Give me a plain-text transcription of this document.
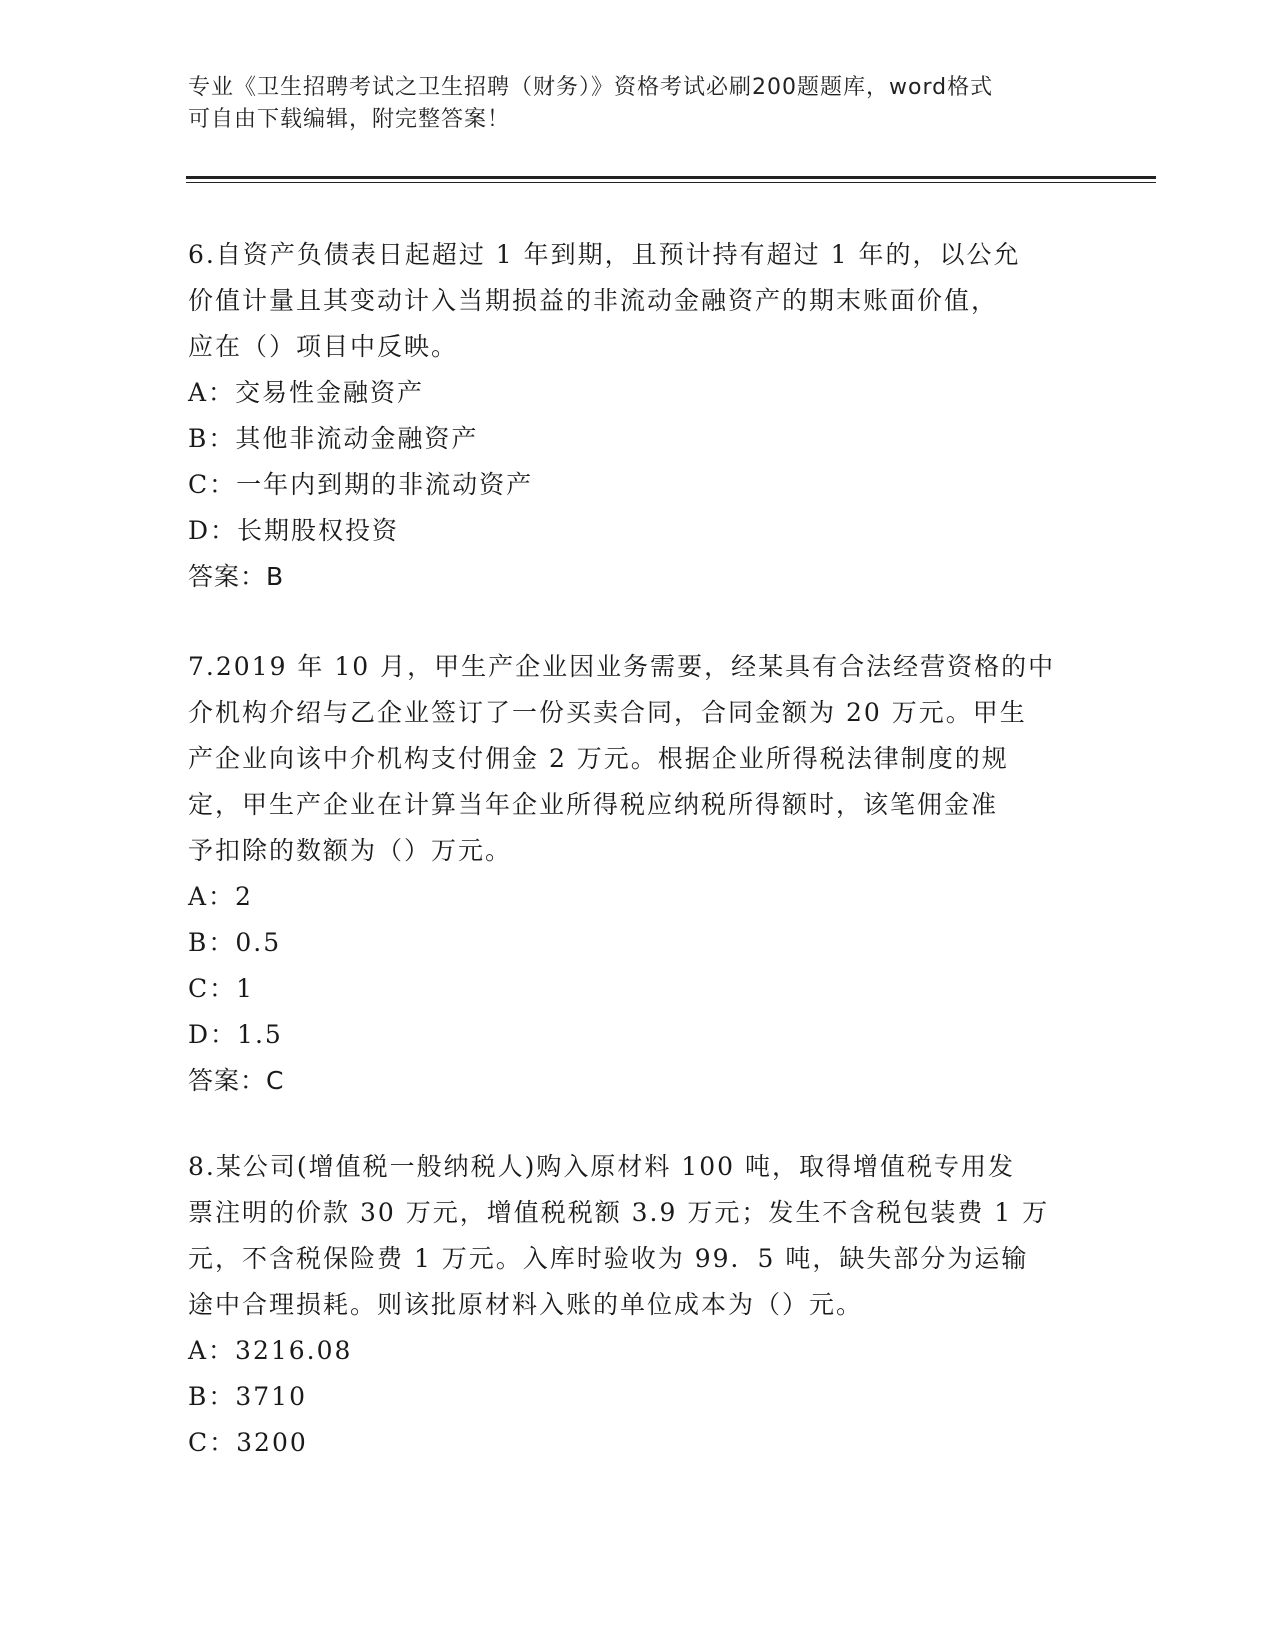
专业《卫生招聘考试之卫生招聘（财务）》资格考试必刷200题题库，word格式
可自由下载编辑，附完整答案！
6.自资产负债表日起超过 1 年到期，且预计持有超过 1 年的，以公允
价值计量且其变动计入当期损益的非流动金融资产的期末账面价值，
应在（）项目中反映。
A：交易性金融资产
B：其他非流动金融资产
C：一年内到期的非流动资产
D：长期股权投资
答案：B
7.2019 年 10 月，甲生产企业因业务需要，经某具有合法经营资格的中
介机构介绍与乙企业签订了一份买卖合同，合同金额为 20 万元。甲生
产企业向该中介机构支付佣金 2 万元。根据企业所得税法律制度的规
定，甲生产企业在计算当年企业所得税应纳税所得额时，该笔佣金准
予扣除的数额为（）万元。
A：2
B：0.5
C：1
D：1.5
答案：C
8.某公司(增值税一般纳税人)购入原材料 100 吨，取得增值税专用发
票注明的价款 30 万元，增值税税额 3.9 万元；发生不含税包装费 1 万
元，不含税保险费 1 万元。入库时验收为 99．5 吨，缺失部分为运输
途中合理损耗。则该批原材料入账的单位成本为（）元。
A：3216.08
B：3710
C：3200
